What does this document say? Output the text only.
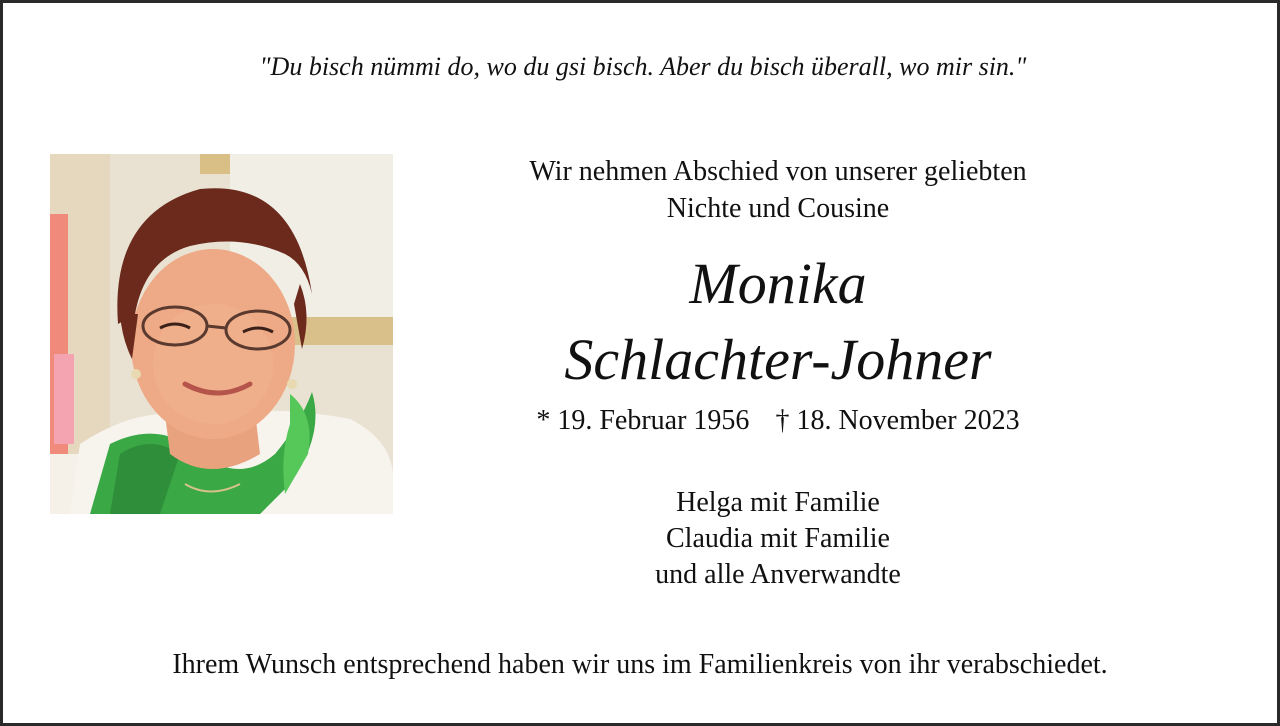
"Du bisch nümmi do, wo du gsi bisch. Aber du bisch überall, wo mir sin."
Wir nehmen Abschied von unserer geliebten
Nichte und Cousine
Monika
Schlachter-Johner
* 19. Februar 1956 † 18. November 2023
Helga mit Familie
Claudia mit Familie
und alle Anverwandte
Ihrem Wunsch entsprechend haben wir uns im Familienkreis von ihr verabschiedet.
